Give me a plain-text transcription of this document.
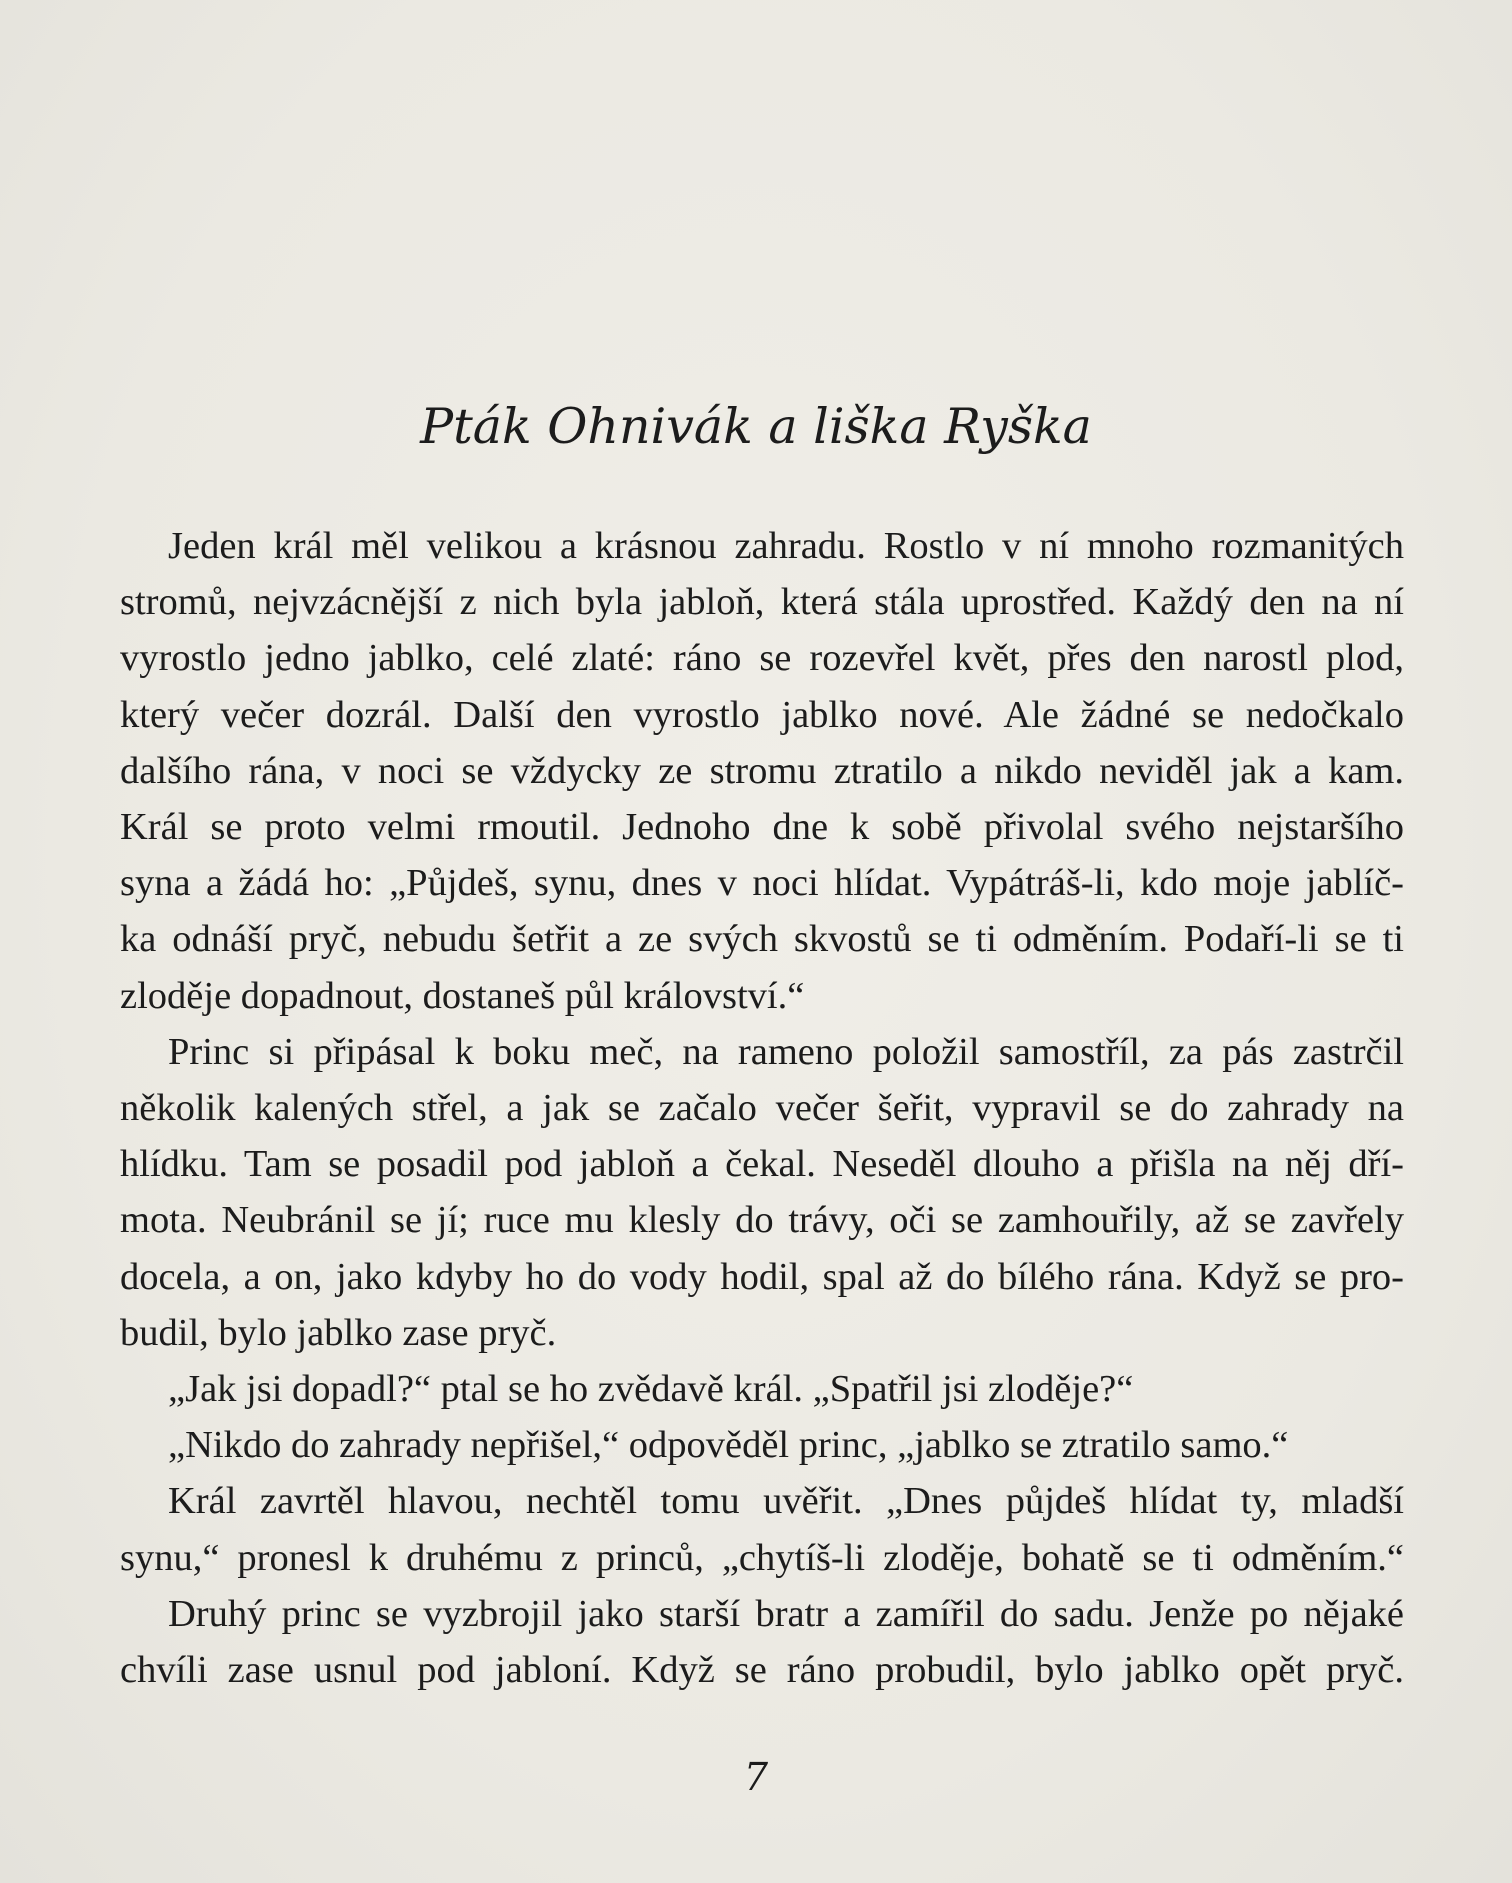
Pták Ohnivák a liška Ryška

Jeden král měl velikou a krásnou zahradu. Rostlo v ní mnoho rozmanitých
stromů, nejvzácnější z nich byla jabloň, která stála uprostřed. Každý den na ní
vyrostlo jedno jablko, celé zlaté: ráno se rozevřel květ, přes den narostl plod,
který večer dozrál. Další den vyrostlo jablko nové. Ale žádné se nedočkalo
dalšího rána, v noci se vždycky ze stromu ztratilo a nikdo neviděl jak a kam.
Král se proto velmi rmoutil. Jednoho dne k sobě přivolal svého nejstaršího
syna a žádá ho: „Půjdeš, synu, dnes v noci hlídat. Vypátráš-li, kdo moje jablíč-
ka odnáší pryč, nebudu šetřit a ze svých skvostů se ti odměním. Podaří-li se ti
zloděje dopadnout, dostaneš půl království.“

Princ si připásal k boku meč, na rameno položil samostříl, za pás zastrčil
několik kalených střel, a jak se začalo večer šeřit, vypravil se do zahrady na
hlídku. Tam se posadil pod jabloň a čekal. Neseděl dlouho a přišla na něj dří-
mota. Neubránil se jí; ruce mu klesly do trávy, oči se zamhouřily, až se zavřely
docela, a on, jako kdyby ho do vody hodil, spal až do bílého rána. Když se pro-
budil, bylo jablko zase pryč.

„Jak jsi dopadl?“ ptal se ho zvědavě král. „Spatřil jsi zloděje?“

„Nikdo do zahrady nepřišel,“ odpověděl princ, „jablko se ztratilo samo.“

Král zavrtěl hlavou, nechtěl tomu uvěřit. „Dnes půjdeš hlídat ty, mladší
synu,“ pronesl k druhému z princů, „chytíš-li zloděje, bohatě se ti odměním.“

Druhý princ se vyzbrojil jako starší bratr a zamířil do sadu. Jenže po nějaké
chvíli zase usnul pod jabloní. Když se ráno probudil, bylo jablko opět pryč.

7
